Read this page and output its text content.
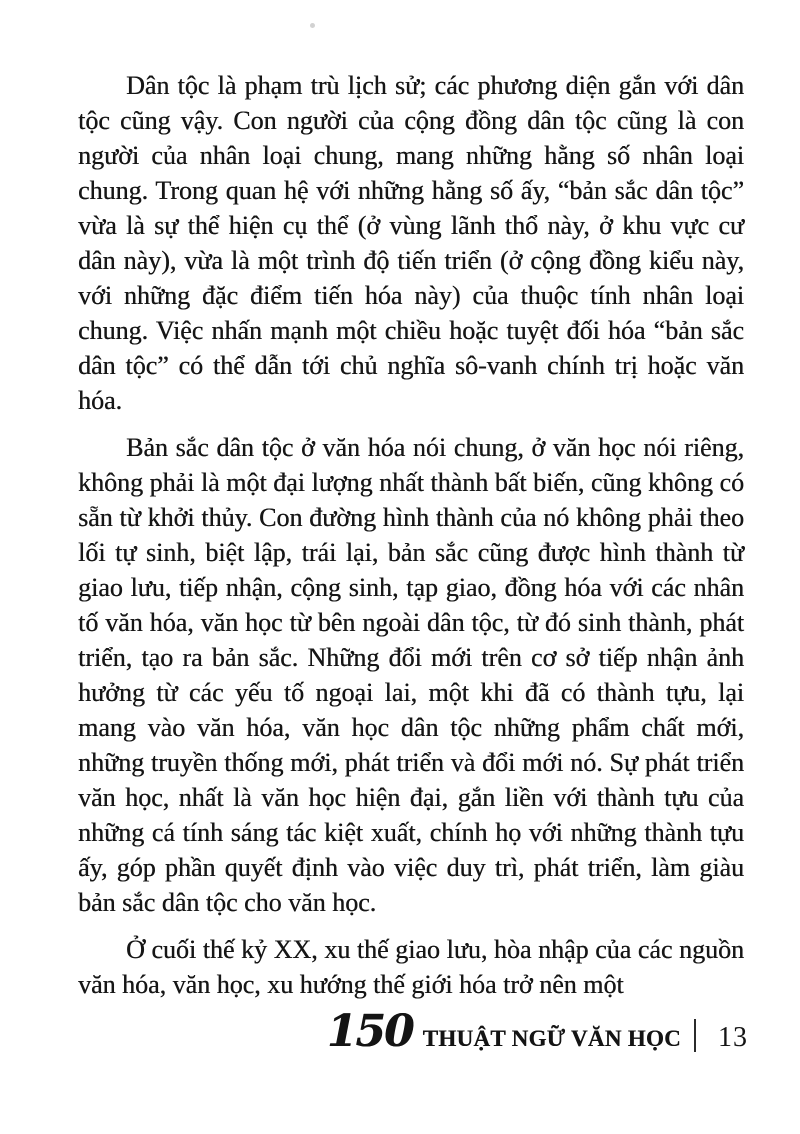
Dân tộc là phạm trù lịch sử; các phương diện gắn với dân tộc cũng vậy. Con người của cộng đồng dân tộc cũng là con người của nhân loại chung, mang những hằng số nhân loại chung. Trong quan hệ với những hằng số ấy, “bản sắc dân tộc” vừa là sự thể hiện cụ thể (ở vùng lãnh thổ này, ở khu vực cư dân này), vừa là một trình độ tiến triển (ở cộng đồng kiểu này, với những đặc điểm tiến hóa này) của thuộc tính nhân loại chung. Việc nhấn mạnh một chiều hoặc tuyệt đối hóa “bản sắc dân tộc” có thể dẫn tới chủ nghĩa sô-vanh chính trị hoặc văn hóa.

Bản sắc dân tộc ở văn hóa nói chung, ở văn học nói riêng, không phải là một đại lượng nhất thành bất biến, cũng không có sẵn từ khởi thủy. Con đường hình thành của nó không phải theo lối tự sinh, biệt lập, trái lại, bản sắc cũng được hình thành từ giao lưu, tiếp nhận, cộng sinh, tạp giao, đồng hóa với các nhân tố văn hóa, văn học từ bên ngoài dân tộc, từ đó sinh thành, phát triển, tạo ra bản sắc. Những đổi mới trên cơ sở tiếp nhận ảnh hưởng từ các yếu tố ngoại lai, một khi đã có thành tựu, lại mang vào văn hóa, văn học dân tộc những phẩm chất mới, những truyền thống mới, phát triển và đổi mới nó. Sự phát triển văn học, nhất là văn học hiện đại, gắn liền với thành tựu của những cá tính sáng tác kiệt xuất, chính họ với những thành tựu ấy, góp phần quyết định vào việc duy trì, phát triển, làm giàu bản sắc dân tộc cho văn học.

Ở cuối thế kỷ XX, xu thế giao lưu, hòa nhập của các nguồn văn hóa, văn học, xu hướng thế giới hóa trở nên một

150 THUẬT NGỮ VĂN HỌC 13
